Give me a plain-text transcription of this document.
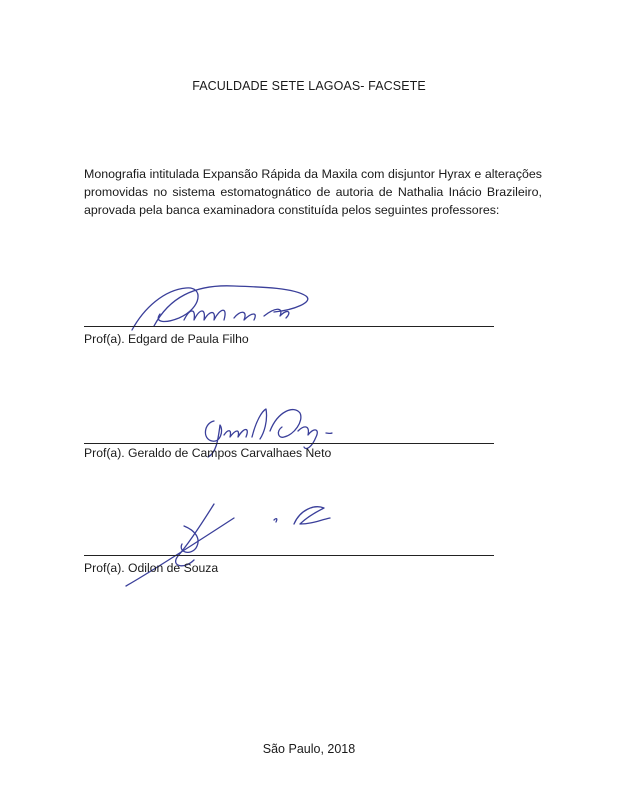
FACULDADE SETE LAGOAS- FACSETE
Monografia intitulada Expansão Rápida da Maxila com disjuntor Hyrax e alterações promovidas no sistema estomatognático de autoria de Nathalia Inácio Brazileiro, aprovada pela banca examinadora constituída pelos seguintes professores:
Prof(a). Edgard de Paula Filho
Prof(a). Geraldo de Campos Carvalhaes Neto
Prof(a). Odilon de Souza
São Paulo, 2018
